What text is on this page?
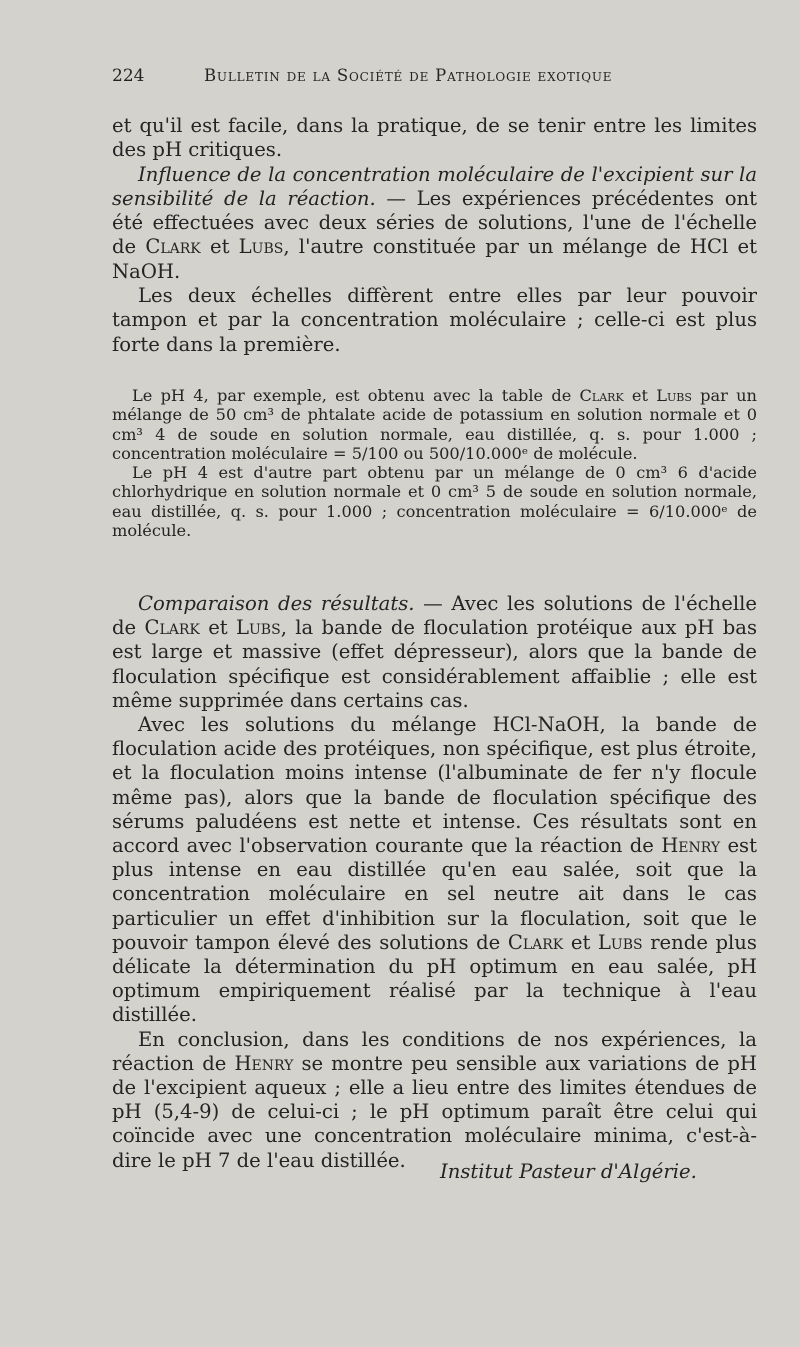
224	Bulletin de la Société de Pathologie exotique

et qu'il est facile, dans la pratique, de se tenir entre les limites des pH critiques.

Influence de la concentration moléculaire de l'excipient sur la sensibilité de la réaction. — Les expériences précédentes ont été effectuées avec deux séries de solutions, l'une de l'échelle de Clark et Lubs, l'autre constituée par un mélange de HCl et NaOH.

Les deux échelles diffèrent entre elles par leur pouvoir tampon et par la concentration moléculaire ; celle-ci est plus forte dans la première.

Le pH 4, par exemple, est obtenu avec la table de Clark et Lubs par un mélange de 50 cm³ de phtalate acide de potassium en solution normale et 0 cm³ 4 de soude en solution normale, eau distillée, q. s. pour 1.000 ; concentration moléculaire = 5/100 ou 500/10.000ᵉ de molécule.

Le pH 4 est d'autre part obtenu par un mélange de 0 cm³ 6 d'acide chlorhydrique en solution normale et 0 cm³ 5 de soude en solution normale, eau distillée, q. s. pour 1.000 ; concentration moléculaire = 6/10.000ᵉ de molécule.

Comparaison des résultats. — Avec les solutions de l'échelle de Clark et Lubs, la bande de floculation protéique aux pH bas est large et massive (effet dépresseur), alors que la bande de floculation spécifique est considérablement affaiblie ; elle est même supprimée dans certains cas.

Avec les solutions du mélange HCl-NaOH, la bande de floculation acide des protéiques, non spécifique, est plus étroite, et la floculation moins intense (l'albuminate de fer n'y flocule même pas), alors que la bande de floculation spécifique des sérums paludéens est nette et intense. Ces résultats sont en accord avec l'observation courante que la réaction de Henry est plus intense en eau distillée qu'en eau salée, soit que la concentration moléculaire en sel neutre ait dans le cas particulier un effet d'inhibition sur la floculation, soit que le pouvoir tampon élevé des solutions de Clark et Lubs rende plus délicate la détermination du pH optimum en eau salée, pH optimum empiriquement réalisé par la technique à l'eau distillée.

En conclusion, dans les conditions de nos expériences, la réaction de Henry se montre peu sensible aux variations de pH de l'excipient aqueux ; elle a lieu entre des limites étendues de pH (5,4-9) de celui-ci ; le pH optimum paraît être celui qui coïncide avec une concentration moléculaire minima, c'est-à-dire le pH 7 de l'eau distillée.	Institut Pasteur d'Algérie.
